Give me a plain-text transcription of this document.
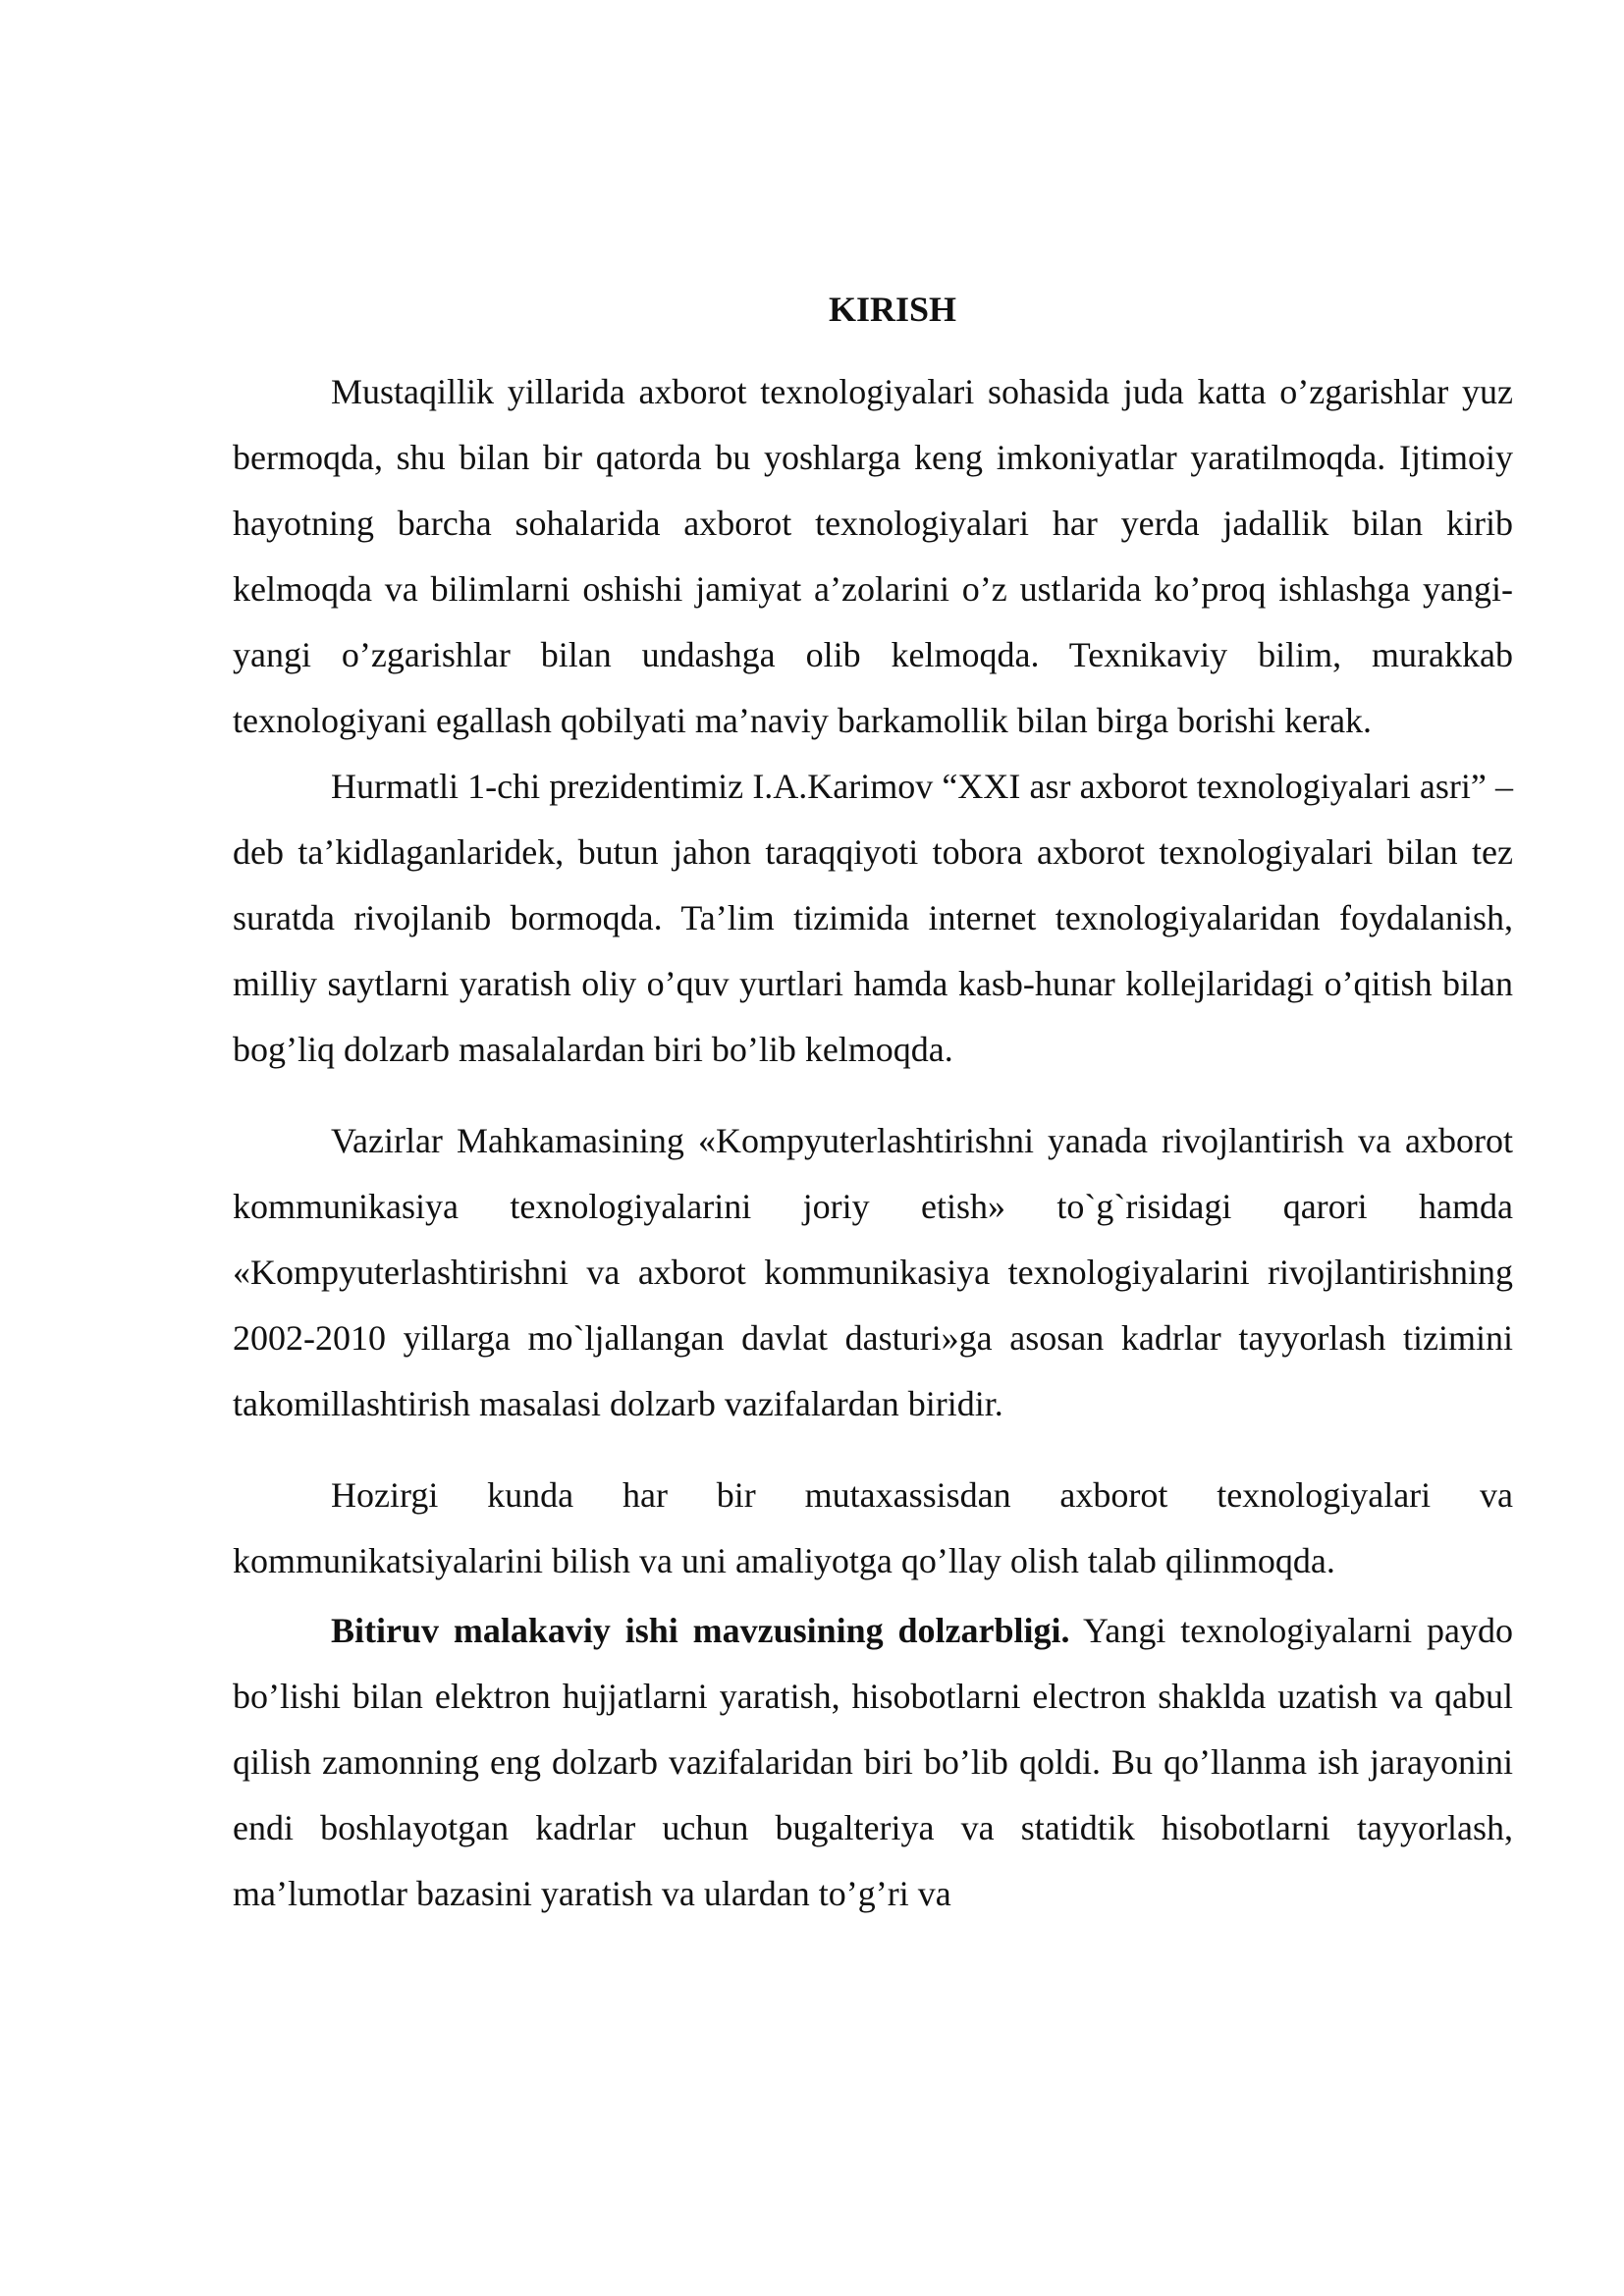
KIRISH

Mustaqillik yillarida axborot texnologiyalari sohasida juda katta o’zgarishlar yuz bermoqda, shu bilan bir qatorda bu yoshlarga keng imkoniyatlar yaratilmoqda. Ijtimoiy hayotning barcha sohalarida axborot texnologiyalari har yerda jadallik bilan kirib kelmoqda va bilimlarni oshishi jamiyat a’zolarini o’z ustlarida ko’proq ishlashga yangi-yangi o’zgarishlar bilan undashga olib kelmoqda. Texnikaviy bilim, murakkab texnologiyani egallash qobilyati ma’naviy barkamollik bilan birga borishi kerak.

Hurmatli 1-chi prezidentimiz I.A.Karimov “XXI asr axborot texnologiyalari asri” – deb ta’kidlaganlaridek, butun jahon taraqqiyoti tobora axborot texnologiyalari bilan tez suratda rivojlanib bormoqda. Ta’lim tizimida internet texnologiyalaridan foydalanish, milliy saytlarni yaratish oliy o’quv yurtlari hamda kasb-hunar kollejlaridagi o’qitish bilan bog’liq dolzarb masalalardan biri bo’lib kelmoqda.

Vazirlar Mahkamasining «Kompyuterlashtirishni yanada rivojlantirish va axborot kommunikasiya texnologiyalarini joriy etish» to`g`risidagi qarori hamda «Kompyuterlashtirishni va axborot kommunikasiya texnologiyalarini rivojlantirishning 2002-2010 yillarga mo`ljallangan davlat dasturi»ga asosan kadrlar tayyorlash tizimini takomillashtirish masalasi dolzarb vazifalardan biridir.

Hozirgi kunda har bir mutaxassisdan axborot texnologiyalari va kommunikatsiyalarini bilish va uni amaliyotga qo’llay olish talab qilinmoqda.

Bitiruv malakaviy ishi mavzusining dolzarbligi. Yangi texnologiyalarni paydo bo’lishi bilan elektron hujjatlarni yaratish, hisobotlarni electron shaklda uzatish va qabul qilish zamonning eng dolzarb vazifalaridan biri bo’lib qoldi. Bu qo’llanma ish jarayonini endi boshlayotgan kadrlar uchun bugalteriya va statidtik hisobotlarni tayyorlash, ma’lumotlar bazasini yaratish va ulardan to’g’ri va
